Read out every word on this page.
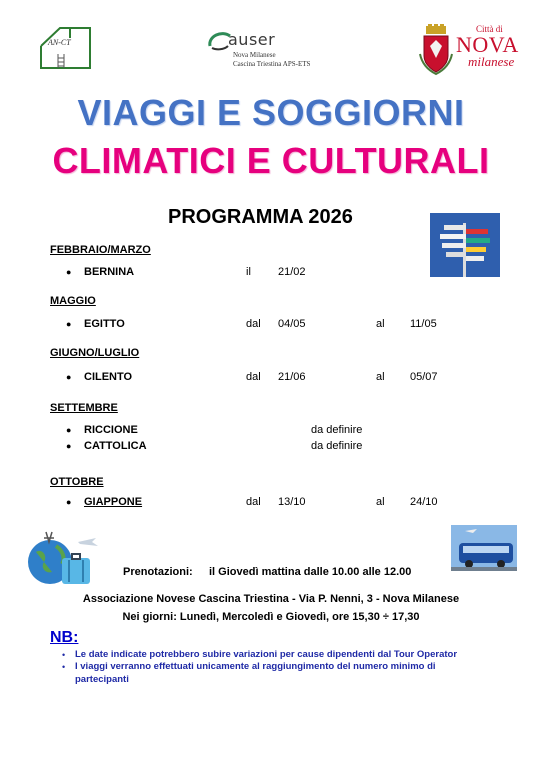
AN-CT	auser
Nova Milanese
Cascina Triestina APS-ETS
Città di
NOVA
milanese
VIAGGI E SOGGIORNI
CLIMATICI E CULTURALI
PROGRAMMA 2026
FEBBRAIO/MARZO
● BERNINA	il 21/02
MAGGIO
● EGITTO	dal 04/05	al 11/05
GIUGNO/LUGLIO
● CILENTO	dal 21/06	al 05/07
SETTEMBRE
● RICCIONE	da definire
● CATTOLICA	da definire
OTTOBRE
● GIAPPONE	dal 13/10	al 24/10
Prenotazioni: il Giovedì mattina dalle 10.00 alle 12.00
Associazione Novese Cascina Triestina - Via P. Nenni, 3 - Nova Milanese
Nei giorni: Lunedì, Mercoledì e Giovedì, ore 15,30 ÷ 17,30
NB:
• Le date indicate potrebbero subire variazioni per cause dipendenti dal Tour Operator
• I viaggi verranno effettuati unicamente al raggiungimento del numero minimo di
partecipanti
